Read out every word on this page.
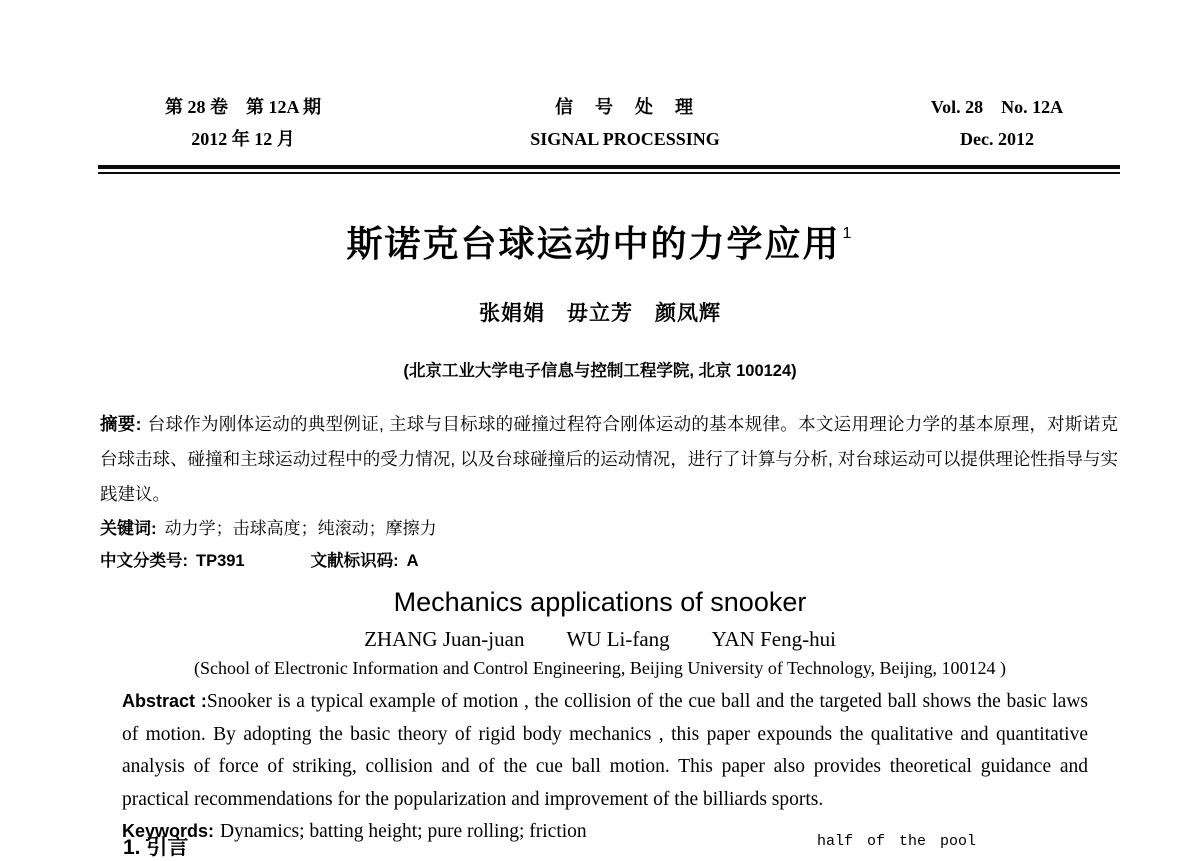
第 28 卷　第 12A 期
2012 年 12 月
信　号　处　理
SIGNAL PROCESSING
Vol. 28　No. 12A
Dec. 2012
斯诺克台球运动中的力学应用 $^1$
张娟娟　毋立芳　颜凤辉
(北京工业大学电子信息与控制工程学院, 北京 100124)
摘要: 台球作为刚体运动的典型例证, 主球与目标球的碰撞过程符合刚体运动的基本规律。本文运用理论力学的基本原理，对斯诺克台球击球、碰撞和主球运动过程中的受力情况, 以及台球碰撞后的运动情况，进行了计算与分析, 对台球运动可以提供理论性指导与实践建议。
关键词: 动力学；击球高度；纯滚动；摩擦力
中文分类号: TP391	文献标识码: A
Mechanics applications of snooker
ZHANG Juan-juan　　WU Li-fang　　YAN Feng-hui
(School of Electronic Information and Control Engineering, Beijing University of Technology, Beijing, 100124 )
Abstract :Snooker is a typical example of motion , the collision of the cue ball and the targeted ball shows the basic laws of motion. By adopting the basic theory of rigid body mechanics , this paper expounds the qualitative and quantitative analysis of force of striking, collision and of the cue ball motion. This paper also provides theoretical guidance and practical recommendations for the popularization and improvement of the billiards sports.
Keywords: Dynamics; batting height; pure rolling; friction
1. 引言	half of the pool
